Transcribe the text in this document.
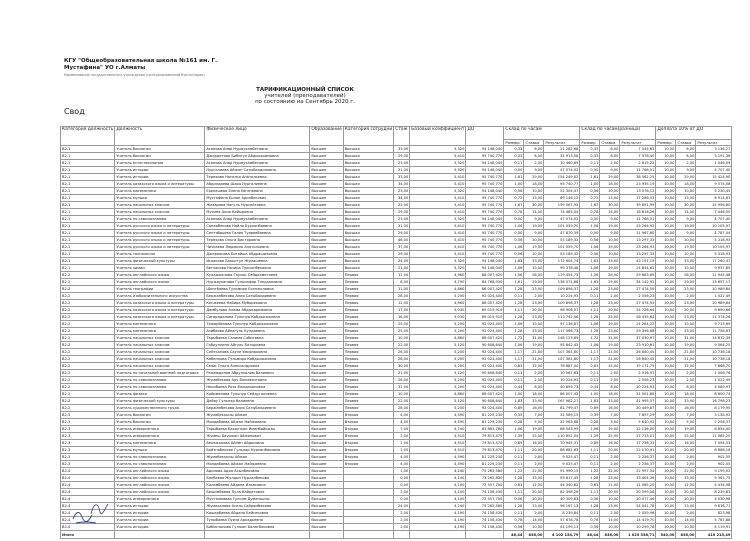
КГУ "Общеобразовательная школа №161 им. Г.
Мустафина" УО г.Алматы
Наименование государственного учреждения (централизованной бухгалтерии)
ТАРИФИКАЦИОННЫЙ СПИСОК
учителей (преподавателей)
по состоянию на Сентябрь 2020 г.
Свод
Категория должность	Должность	Физическое лицо	Образование	Категория сотрудни	Стаж	Базовый коэффициент	ДО	Склад по часам			Склад по часам(разница)			Доплата 10% от ДО		
								Размер	Ставка	Результат	Размер	Ставка	Результат	Размер	Ставка	Результат
B2-1	Учитель биологии	Асанова Анар Нурмухамбетовна	Высшее	Высшая	33,00	5,320	94 148,040	0,33	6,00	21 282,68	0,33	6,00	7 545,61	10,00	6,00	3 136,27
B2-1	Учитель биологии	Джардетова Бибигул Абдыкаримовна	Высшее	Высшая	29,00	5,410	95 740,770	0,33	6,00	31 913,58	0,33	6,00	7 978,40	10,00	6,00	3 191,36
B2-1	Учитель естествознания	Асанова Анар Нурмухамбетовна	Высшее	Высшая	23,00	5,320	94 148,040	0,11	2,00	10 460,89	0,11	2,00	2 615,22	10,00	2,00	1 046,09
B2-1	Учитель истории	Нургалиева Айжан Сатыбалдиновна	Высшее	Высшая	21,00	5,320	94 148,040	0,50	9,00	47 074,02	0,50	9,00	11 768,51	10,00	9,00	4 707,40
B2-1	Учитель истории	Терехова Наталья Анатольевна	Высшее	Высшая	33,00	5,410	95 740,770	1,61	29,00	154 249,02	1,61	29,00	38 562,25	10,00	29,00	15 424,90
B2-1	Учитель казахского языка и литературы	Абдилдаева Шара Нургалиевна	Высшее	Высшая	34,00	5,410	95 740,770	1,00	18,00	95 740,77	1,00	18,00	23 935,19	10,00	18,00	9 574,08
B2-1	Учитель математики	Ерекешева Елена Евгеньевна	Высшее	Высшая	23,00	5,320	94 148,040	0,56	10,00	52 304,47	0,56	10,00	13 076,12	10,00	10,00	5 230,45
B2-1	Учитель музыки	Мустафина Ерлан Арипбекович	Высшее	Высшая	34,00	5,410	95 740,770	0,72	13,00	69 146,12	0,72	13,00	17 286,53	10,00	13,00	6 914,61
B2-1	Учитель начальных классов	Жазарова Нагуль Нурсейтовна	Высшее	Высшая	22,00	5,410	95 740,770	1,67	30,00	159 567,95	1,67	30,00	39 891,99	10,00	30,00	15 956,80
B2-1	Учитель начальных классов	Мусина Алия Кайыровна	Высшее	Высшая	29,00	5,410	95 740,770	0,78	14,00	74 465,04	0,78	14,00	18 616,26	10,00	14,00	7 446,50
B2-1	Учитель по самопознанию	Асанова Анар Нурмухамбетовна	Высшее	Высшая	23,00	5,320	94 148,040	0,50	9,00	47 074,02	0,50	9,00	11 768,51	10,00	9,00	4 707,40
B2-1	Учитель русского языка и литературы	Сапарбекова Найля Бурхонбаевна	Высшее	Высшая	31,00	5,410	95 740,770	1,06	19,00	101 059,70	1,06	19,00	25 264,92	10,00	19,00	10 105,97
B2-1	Учитель русского языка и литературы	Сентябрьева Галия Туяревбаевна	Высшее	Высшая	29,00	5,410	95 740,770	0,50	9,00	47 870,39	0,50	9,00	11 967,60	10,00	9,00	4 787,04
B2-1	Учитель русского языка и литературы	Терехова Ольга Викторовна	Высшее	Высшая	46,00	5,410	95 740,770	0,56	10,00	53 189,32	0,56	10,00	13 297,33	10,00	10,00	5 318,93
B2-1	Учитель русского языка и литературы	Чичкаева Людмила Анатольевна	Высшее	Высшая	37,00	5,410	95 740,770	1,06	19,00	101 059,70	1,06	19,00	25 264,93	10,00	19,00	10 105,97
B2-1	Учитель технологии	Джаркасова Бигайша Абдрашиловна	Высшее	Высшая	29,00	5,410	95 740,770	0,56	10,00	53 189,32	0,56	10,00	13 297,33	10,00	10,00	5 318,93
B2-1	Учитель физической культуры	Искакова Бакытгул Жумашевна	Высшее	Высшая	24,00	5,320	94 148,040	1,83	33,00	172 604,74	1,83	33,00	43 151,19	10,00	33,00	17 260,47
B2-1	Учитель химии	Бегласова Назира Турсынбековна	Высшее	Высшая	21,00	5,320	94 148,040	1,06	19,00	99 378,48	1,06	19,00	24 844,62	10,00	19,00	9 937,85
B2-2	Учитель английского языка	Куладжанова Гаухар Сейдахметовна	Высшее	Первая	12,00	4,960	86 007,420	1,56	28,00	119 454,75	1,56	28,00	29 863,69	10,00	28,00	11 945,48
B2-2	Учитель английского языка	Нуржауханова Гульнафар Тлеудановна	Высшее	Первая	8,00	4,790	84 768,930	1,61	29,00	136 571,68	1,61	29,00	34 142,92	10,00	29,00	13 657,17
B2-2	Учитель географии	Шингбаева Гульмира Есенжоловна	Высшее	Первая	11,00	4,860	86 007,420	1,28	23,00	109 898,37	1,28	23,00	27 474,59	10,00	23,00	10 989,84
B2-2	Учитель изобразительного искусства	Бержанбекова Алия Сатыбалдиевна	Высшее	Первая	28,00	5,200	92 024,400	0,11	2,00	10 224,93	0,11	2,00	2 556,23	10,00	2,00	1 022,49
B2-2	Учитель казахского языка и литературы	Кенжеева Набира Муборековна	Высшее	Первая	12,00	4,960	86 007,420	1,28	23,00	109 898,37	1,28	23,00	27 474,59	10,00	23,00	10 989,84
B2-2	Учитель казахского языка и литературы	Дамбулова Алима Абдыкаримовна	Высшее	Первая	17,00	5,030	89 015,910	1,11	20,00	98 906,57	1,11	20,00	24 726,64	10,00	20,00	9 890,66
B2-2	Учитель казахского языка и литературы	Сагдолданова Гульнур Кабдыкожевна	Высшее	Первая	18,00	5,030	89 015,910	1,28	23,00	113 742,56	1,28	23,00	28 435,64	10,00	23,00	11 374,26
B2-2	Учитель математики	Тажарбекова Гульнур Кабдыкожевна	Высшее	Первая	25,00	5,200	92 024,400	1,06	19,00	97 136,87	1,06	19,00	24 284,22	10,00	19,00	9 713,69
B2-2	Учитель математики	Азибаева Айнагуль Кундаевна	Высшее	Первая	25,00	5,200	92 024,400	1,28	23,00	117 586,73	1,28	23,00	29 396,68	10,00	23,00	11 758,67
B2-2	Учитель начальных классов	Тарыбаева Салима Сабитовна	Высшее	Первая	10,00	4,860	86 007,420	1,72	31,00	148 123,89	1,72	31,00	37 030,97	10,00	31,00	14 812,39
B2-2	Учитель начальных классов	Габдуллина Айгуль Батыровна	Высшее	Первая	22,00	5,120	90 608,640	1,06	19,00	95 642,45	1,06	19,00	23 910,61	10,00	19,00	9 564,25
B2-2	Учитель начальных классов	Сейтканова Сауле Умирзаковна	Высшее	Первая	26,00	5,200	92 024,400	1,17	21,00	107 361,80	1,17	21,00	26 840,45	10,00	21,00	10 736,18
B2-2	Учитель начальных классов	Кобеннова Гульмира Кабдылажевна	Высшее	Первая	28,00	5,200	92 024,400	1,17	21,00	107 361,80	1,17	21,00	26 840,45	10,00	21,00	10 736,18
B2-2	Учитель начальных классов	Смык Ольга Александровна	Высшее	Первая	30,00	5,200	92 024,400	0,83	15,00	76 687,00	0,83	15,00	19 171,75	10,00	15,00	7 668,70
B2-2	Учитель по начальной военной подготовке	Ражмеденов Абдулхалим Валиевич	Высшее	Первая	21,00	5,120	90 608,640	0,11	2,00	10 067,63	0,11	2,00	2 516,91	10,00	2,00	1 006,76
B2-2	Учитель по самопознанию	Жумабекова Ару Бекмахитовна	Высшее	Первая	26,00	5,200	92 024,400	0,11	2,00	10 224,93	0,11	2,00	2 556,23	10,00	2,00	1 022,49
B2-2	Учитель по самопознанию	Некибаева Роза Молдахановна	Высшее	Первая	32,00	5,200	92 024,400	0,44	8,00	40 899,73	0,44	8,00	10 224,93	10,00	8,00	4 089,97
B2-2	Учитель физики	Кайрменова Гульнур Сейдугалиевна	Высшее	Первая	10,00	4,860	86 007,420	1,00	18,00	86 007,42	1,00	18,00	21 501,86	10,00	18,00	8 600,74
B2-2	Учитель физической культуры	Дибау Гульнар Валиевна	Высшее	Первая	22,00	5,120	90 608,640	1,83	33,00	167 982,27	1,83	33,00	41 995,57	10,00	33,00	16 798,23
B2-2	Учитель художественного труда	Бержанбекова Алия Сатыбалдиевна	Высшее	Первая	28,00	5,200	92 024,400	0,89	16,00	81 799,47	0,89	16,00	20 449,87	10,00	16,00	8 179,95
B2-3	Учитель биологии	Жумабеккызы Айжан	Высшее	Вторая	4,00	4,590	81 229,230	0,39	7,00	31 589,15	0,39	7,00	7 897,29	10,00	7,00	3 158,92
B2-3	Учитель биологии	Молдабаева Айжан Найжаевна	Высшее	Вторая	4,00	4,590	81 229,230	0,28	5,00	22 563,68	0,28	5,00	5 640,92	10,00	5,00	2 256,37
B2-3	Учитель информатики	Тарыбаева Бахытжан Иманбайкызы	Высшее	Вторая	7,00	4,740	83 883,780	1,06	19,00	88 543,99	1,06	19,00	22 136,00	10,00	19,00	8 854,40
B2-3	Учитель информатики	Жумеш Бауржан Айжанович	Высшее	Вторая	2,00	4,510	79 813,470	1,39	25,00	110 852,04	1,39	25,00	27 713,01	10,00	25,00	11 085,20
B2-3	Учитель математики	Бекежанова Айлин Айдосовна	Высшее	Вторая	2,00	4,510	79 813,470	0,89	16,00	70 945,31	0,89	16,00	17 736,33	10,00	16,00	7 094,53
B2-3	Учитель музыки	Байзнабекова Гульнар Нурланбековна	Высшее	Вторая	2,00	4,510	79 813,470	1,11	20,00	88 681,63	1,11	20,00	22 170,41	10,00	20,00	8 868,16
B2-3	Учитель по самопознанию	Жумабеккызы Айжан	Высшее	Вторая	4,00	4,590	81 229,230	0,11	2,00	9 025,47	0,11	2,00	2 256,37	10,00	2,00	902,55
B2-3	Учитель по самопознанию	Молдабаева Айжан Найжаевна	Высшее	Вторая	4,00	4,590	81 229,230	0,11	2,00	9 025,47	0,11	2,00	2 256,37	10,00	2,00	902,55
B2-4	Учитель английского языка	Адилова Адия Асылбековна	Высшее		1,00	4,240	75 265,580	1,22	22,00	91 990,15	1,22	22,00	22 997,54	10,00	22,00	9 199,02
B2-4	Учитель английского языка	Бекбаева Жулдыз Нурланбекова	Высшее		0,00	4,140	73 265,830	1,28	23,00	93 617,45	1,28	23,00	23 404,36	10,00	23,00	9 361,75
B2-4	Учитель английского языка	Каламбаева Айдана Ильясовна	Высшее		0,00	4,100	72 557,700	0,61	11,00	44 340,82	0,61	11,00	11 085,20	10,00	11,00	4 434,08
B2-4	Учитель английского языка	Бешимбаева Лула Кайратовна	Высшее		2,00	4,100	74 158,430	1,11	20,00	82 398,26	1,11	20,00	20 599,56	10,00	20,00	8 239,83
B2-4	Учитель информатики	Мусталимова Гулсим Думанкызы	Высшее		0,00	4,100	72 557,700	0,56	10,00	40 309,83	0,56	10,00	10 077,46	10,00	10,00	4 030,98
B2-4	Учитель истории	Жумаханова Асель Сайрамбекова	Высшее		24,00	4,240	75 265,580	1,28	23,00	96 167,13	1,28	23,00	24 041,78	10,00	23,00	9 616,71
B2-4	Учитель истории	Кашарбаева Айдана Бейсековна	Высшее		2,00	4,190	74 158,430	0,11	2,00	8 239,84	0,11	2,00	2 059,96	10,00	2,00	823,98
B2-4	Учитель истории	Тулыбаева Луиза Аркадьевна	Высшее		2,00	4,190	74 158,430	0,78	14,00	57 678,78	0,78	14,00	14 419,70	10,00	14,00	5 767,88
B2-4	Учитель истории	Бибоснанова Гулжан Болатбековна	Высшее		2,00	4,190	74 158,430	0,56	10,00	41 199,13	0,56	10,00	10 299,78	10,00	10,00	4 119,91
Итого								46,44	836,00	4 102 154,79	46,44	836,00	1 025 538,71	540,00	836,00	410 215,49
